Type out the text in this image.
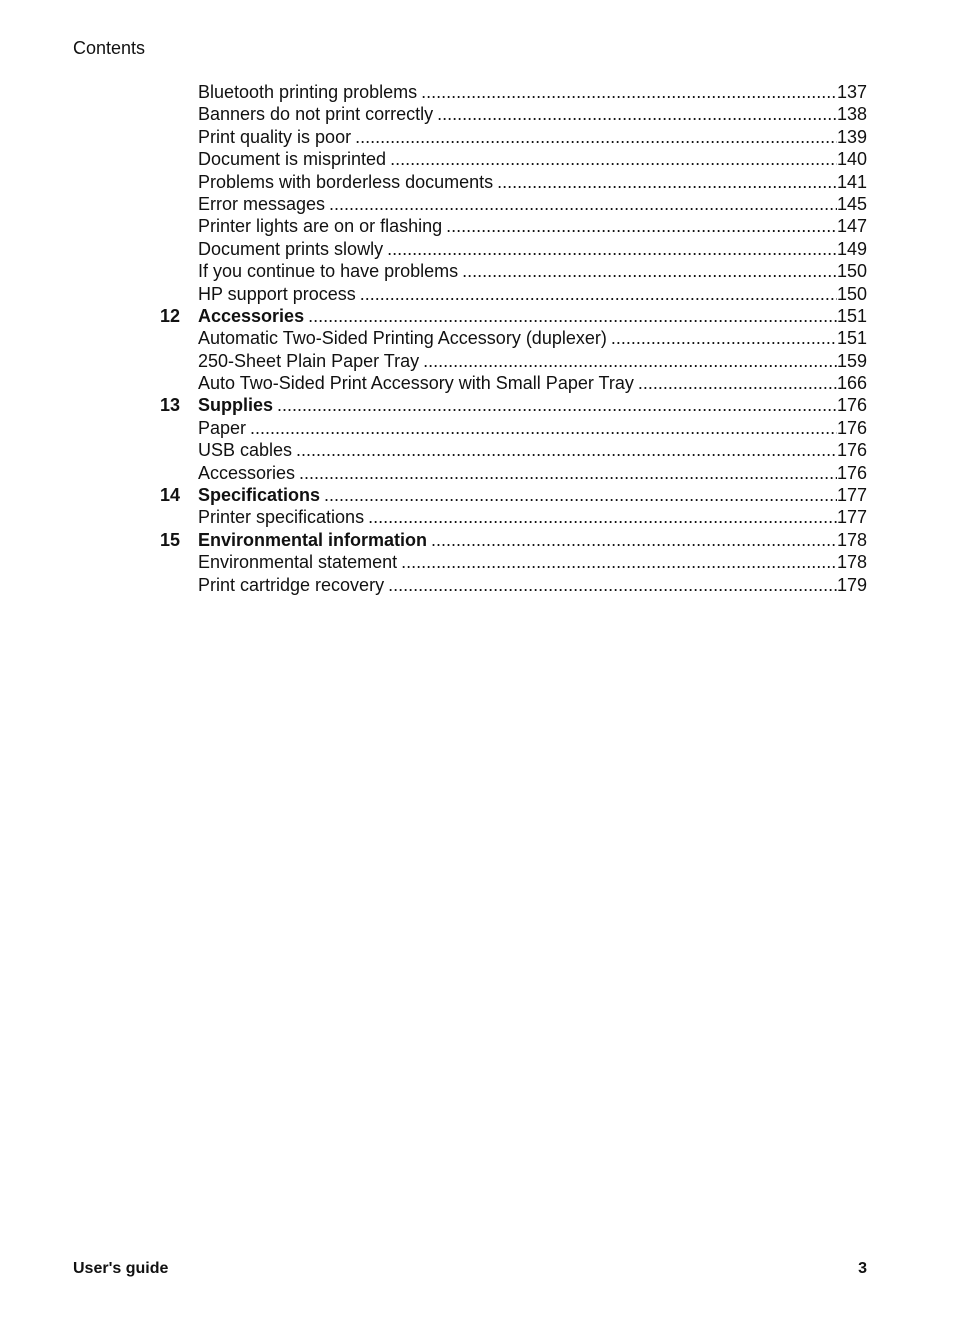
Contents
Bluetooth printing problems .....	137
Banners do not print correctly .....	138
Print quality is poor .....	139
Document is misprinted .....	140
Problems with borderless documents .....	141
Error messages .....	145
Printer lights are on or flashing .....	147
Document prints slowly .....	149
If you continue to have problems .....	150
HP support process .....	150
12 Accessories .....	151
Automatic Two-Sided Printing Accessory (duplexer) .....	151
250-Sheet Plain Paper Tray .....	159
Auto Two-Sided Print Accessory with Small Paper Tray .....	166
13 Supplies .....	176
Paper .....	176
USB cables .....	176
Accessories .....	176
14 Specifications .....	177
Printer specifications .....	177
15 Environmental information .....	178
Environmental statement .....	178
Print cartridge recovery .....	179
User's guide	3
